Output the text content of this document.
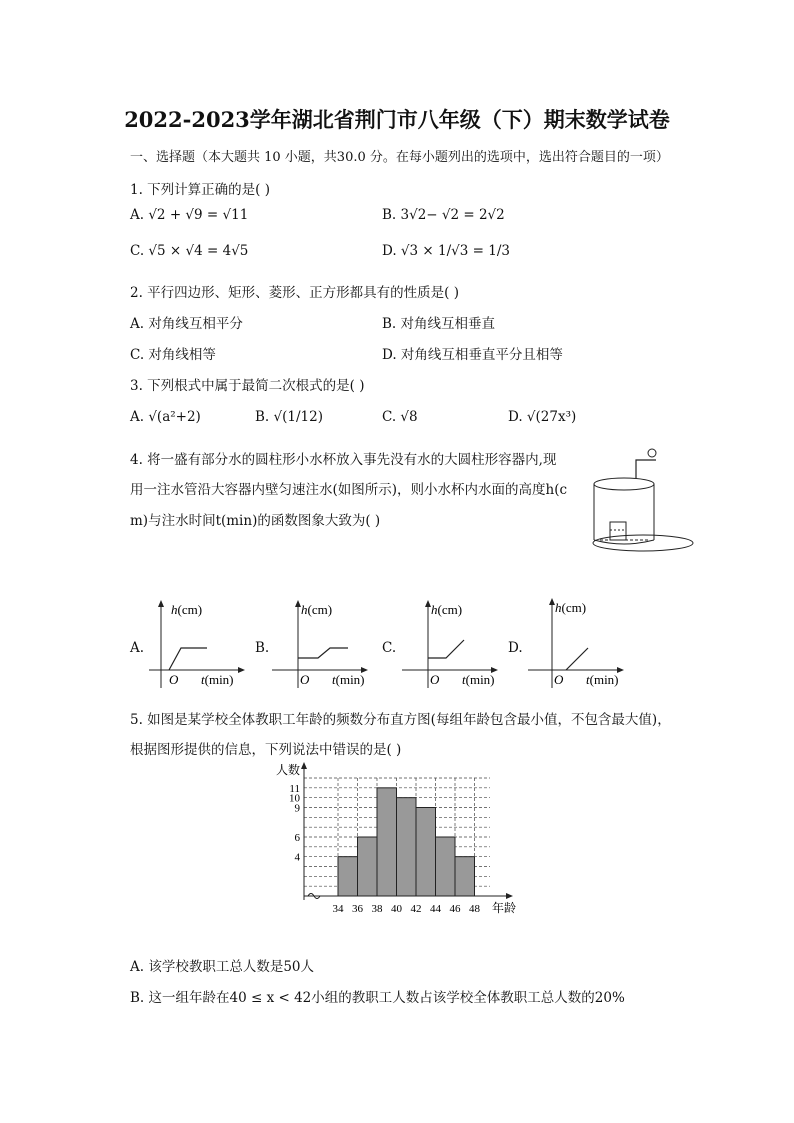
2022-2023学年湖北省荆门市八年级（下）期末数学试卷
一、选择题（本大题共 10 小题，共30.0 分。在每小题列出的选项中，选出符合题目的一项）
1. 下列计算正确的是( )
A. √2 + √9 = √11	B. 3√2− √2 = 2√2
C. √5 × √4 = 4√5	D. √3 × 1/√3 = 1/3
2. 平行四边形、矩形、菱形、正方形都具有的性质是( )
A. 对角线互相平分	B. 对角线互相垂直
C. 对角线相等	D. 对角线互相垂直平分且相等
3. 下列根式中属于最简二次根式的是( )
A. √(a²+2)	B. √(1/12)	C. √8	D. √(27x³)
4. 将一盛有部分水的圆柱形小水杯放入事先没有水的大圆柱形容器内,现
用一注水管沿大容器内壁匀速注水(如图所示)，则小水杯内水面的高度h(c
m)与注水时间t(min)的函数图象大致为( )
A.	B.	C.	D.
h(cm)
O t(min)
h(cm)
O t(min)
h(cm)
O t(min)
h(cm)
O t(min)
5. 如图是某学校全体教职工年龄的频数分布直方图(每组年龄包含最小值，不包含最大值)，
根据图形提供的信息，下列说法中错误的是( )
人数
年龄
4
6
9
10
11
34 36 38 40 42 44 46 48
A. 该学校教职工总人数是50人
B. 这一组年龄在40 ≤ x < 42小组的教职工人数占该学校全体教职工总人数的20%
